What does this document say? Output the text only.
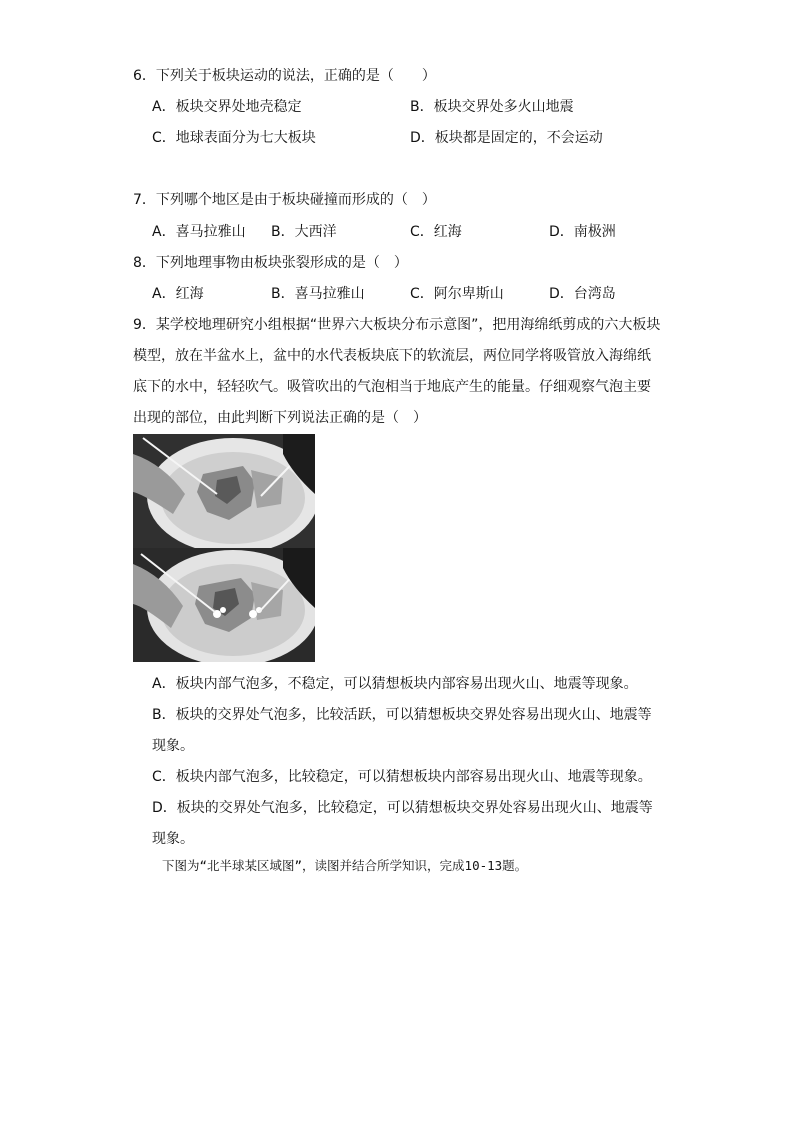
6．下列关于板块运动的说法，正确的是（　　）
A．板块交界处地壳稳定	B．板块交界处多火山地震
C．地球表面分为七大板块	D．板块都是固定的，不会运动
7．下列哪个地区是由于板块碰撞而形成的（　）
A．喜马拉雅山 B．大西洋	C．红海	D．南极洲
8．下列地理事物由板块张裂形成的是（　）
A．红海	B．喜马拉雅山	C．阿尔卑斯山	D．台湾岛
9．某学校地理研究小组根据“世界六大板块分布示意图”，把用海绵纸剪成的六大板块模型，放在半盆水上，盆中的水代表板块底下的软流层，两位同学将吸管放入海绵纸底下的水中，轻轻吹气。吸管吹出的气泡相当于地底产生的能量。仔细观察气泡主要出现的部位，由此判断下列说法正确的是（　）
A．板块内部气泡多，不稳定，可以猜想板块内部容易出现火山、地震等现象。
B．板块的交界处气泡多，比较活跃，可以猜想板块交界处容易出现火山、地震等现象。
C．板块内部气泡多，比较稳定，可以猜想板块内部容易出现火山、地震等现象。
D．板块的交界处气泡多，比较稳定，可以猜想板块交界处容易出现火山、地震等现象。
下图为“北半球某区域图”，读图并结合所学知识，完成10-13题。
